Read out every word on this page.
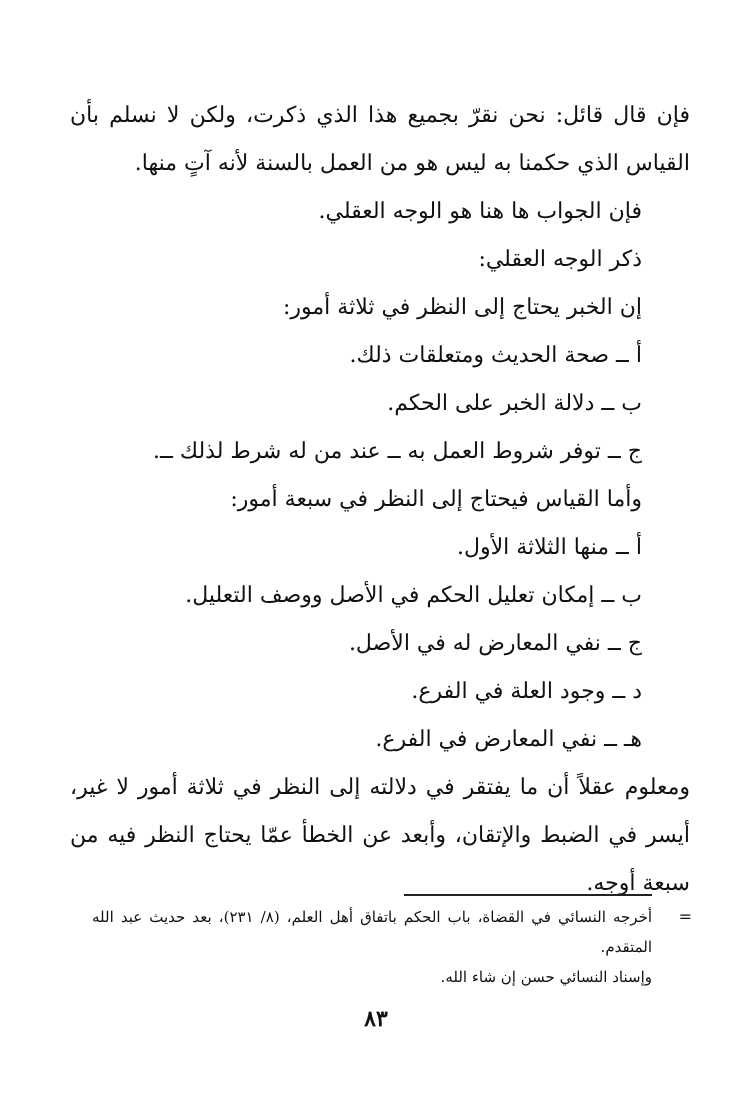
فإن قال قائل: نحن نقرّ بجميع هذا الذي ذكرت، ولكن لا نسلم بأن القياس الذي حكمنا به ليس هو من العمل بالسنة لأنه آتٍ منها.

فإن الجواب ها هنا هو الوجه العقلي.

ذكر الوجه العقلي:

إن الخبر يحتاج إلى النظر في ثلاثة أمور:

أ ــ صحة الحديث ومتعلقات ذلك.

ب ــ دلالة الخبر على الحكم.

ج ــ توفر شروط العمل به ــ عند من له شرط لذلك ــ.

وأما القياس فيحتاج إلى النظر في سبعة أمور:

أ ــ منها الثلاثة الأول.

ب ــ إمكان تعليل الحكم في الأصل ووصف التعليل.

ج ــ نفي المعارض له في الأصل.

د ــ وجود العلة في الفرع.

هـ ــ نفي المعارض في الفرع.

ومعلوم عقلاً أن ما يفتقر في دلالته إلى النظر في ثلاثة أمور لا غير، أيسر في الضبط والإتقان، وأبعد عن الخطأ عمّا يحتاج النظر فيه من سبعة أوجه.

=

أخرجه النسائي في القضاة، باب الحكم باتفاق أهل العلم، (٨/ ٢٣١)، بعد حديث عبد الله المتقدم.

وإسناد النسائي حسن إن شاء الله.

٨٣
